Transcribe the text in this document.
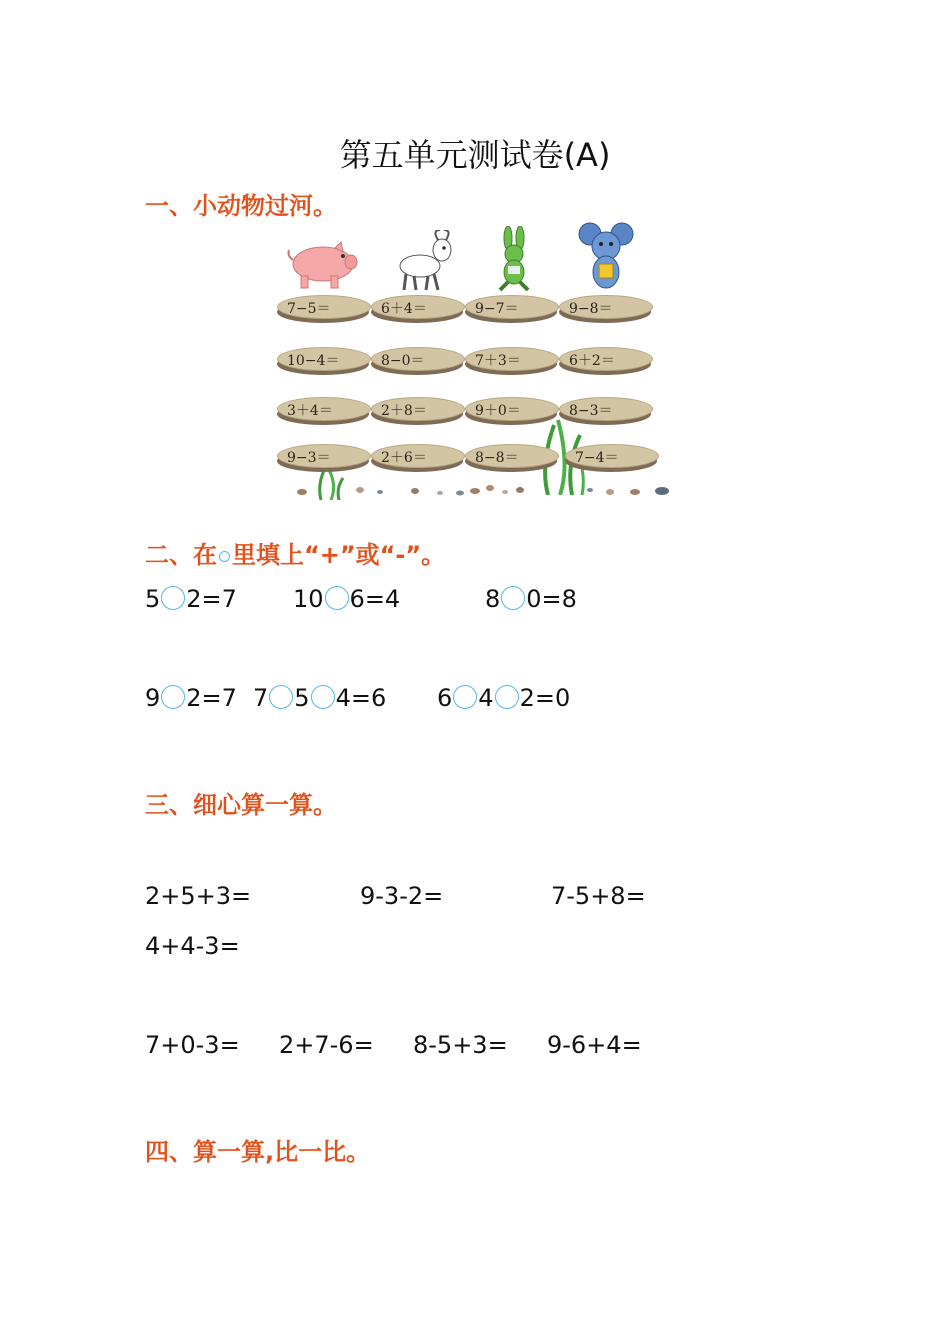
第五单元测试卷(A)
一、小动物过河。
7−5＝	6＋4＝	9−7＝	9−8＝
10−4＝	8−0＝	7＋3＝	6＋2＝
3＋4＝	2＋8＝	9＋0＝	8−3＝
9−3＝	2＋6＝	8−8＝	7−4＝
二、在 里填上“+”或“-”。
5 2=7 10 6=4	8 0=8
9 2=7 7 5 4=6 6 4 2=0
三、细心算一算。
2+5+3=	9-3-2=	7-5+8=
4+4-3=
7+0-3= 2+7-6= 8-5+3= 9-6+4=
四、算一算,比一比。
